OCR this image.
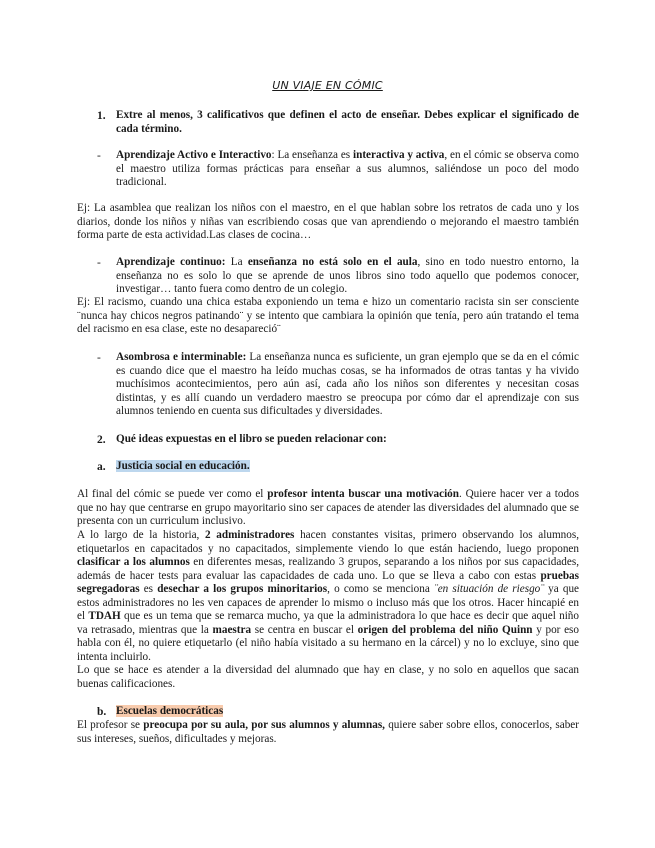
UN VIAJE EN CÓMIC
1. Extre al menos, 3 calificativos que definen el acto de enseñar. Debes explicar el significado de cada término.
- Aprendizaje Activo e Interactivo: La enseñanza es interactiva y activa, en el cómic se observa como el maestro utiliza formas prácticas para enseñar a sus alumnos, saliéndose un poco del modo tradicional.
Ej: La asamblea que realizan los niños con el maestro, en el que hablan sobre los retratos de cada uno y los diarios, donde los niños y niñas van escribiendo cosas que van aprendiendo o mejorando el maestro también forma parte de esta actividad.Las clases de cocina…
- Aprendizaje continuo: La enseñanza no está solo en el aula, sino en todo nuestro entorno, la enseñanza no es solo lo que se aprende de unos libros sino todo aquello que podemos conocer, investigar… tanto fuera como dentro de un colegio.
Ej: El racismo, cuando una chica estaba exponiendo un tema e hizo un comentario racista sin ser consciente ¨nunca hay chicos negros patinando¨ y se intento que cambiara la opinión que tenía, pero aún tratando el tema del racismo en esa clase, este no desapareció¨
- Asombrosa e interminable: La enseñanza nunca es suficiente, un gran ejemplo que se da en el cómic es cuando dice que el maestro ha leído muchas cosas, se ha informados de otras tantas y ha vivido muchísimos acontecimientos, pero aún así, cada año los niños son diferentes y necesitan cosas distintas, y es allí cuando un verdadero maestro se preocupa por cómo dar el aprendizaje con sus alumnos teniendo en cuenta sus dificultades y diversidades.
2. Qué ideas expuestas en el libro se pueden relacionar con:
a. Justicia social en educación.
Al final del cómic se puede ver como el profesor intenta buscar una motivación. Quiere hacer ver a todos que no hay que centrarse en grupo mayoritario sino ser capaces de atender las diversidades del alumnado que se presenta con un curriculum inclusivo.
A lo largo de la historia, 2 administradores hacen constantes visitas, primero observando los alumnos, etiquetarlos en capacitados y no capacitados, simplemente viendo lo que están haciendo, luego proponen clasificar a los alumnos en diferentes mesas, realizando 3 grupos, separando a los niños por sus capacidades, además de hacer tests para evaluar las capacidades de cada uno. Lo que se lleva a cabo con estas pruebas segregadoras es desechar a los grupos minoritarios, o como se menciona ¨en situación de riesgo¨ ya que estos administradores no les ven capaces de aprender lo mismo o incluso más que los otros. Hacer hincapié en el TDAH que es un tema que se remarca mucho, ya que la administradora lo que hace es decir que aquel niño va retrasado, mientras que la maestra se centra en buscar el origen del problema del niño Quinn y por eso habla con él, no quiere etiquetarlo (el niño había visitado a su hermano en la cárcel) y no lo excluye, sino que intenta incluirlo.
Lo que se hace es atender a la diversidad del alumnado que hay en clase, y no solo en aquellos que sacan buenas calificaciones.
b. Escuelas democráticas
El profesor se preocupa por su aula, por sus alumnos y alumnas, quiere saber sobre ellos, conocerlos, saber sus intereses, sueños, dificultades y mejoras.
